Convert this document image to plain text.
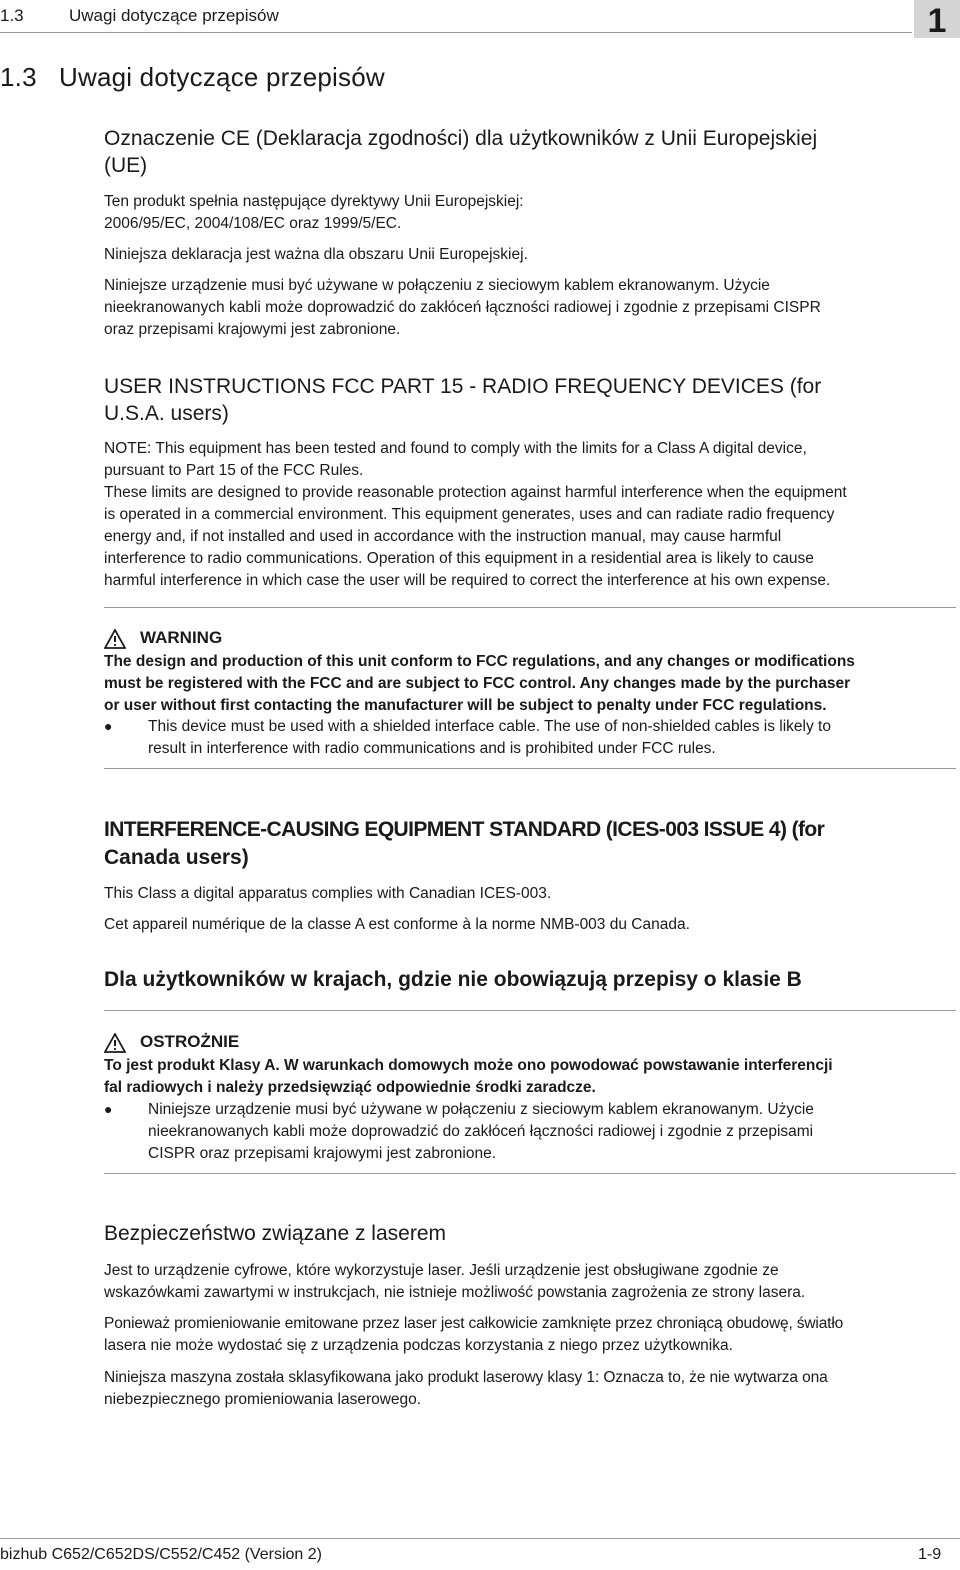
1.3	Uwagi dotyczące przepisów	1
1.3   Uwagi dotyczące przepisów
Oznaczenie CE (Deklaracja zgodności) dla użytkowników z Unii Europejskiej
(UE)
Ten produkt spełnia następujące dyrektywy Unii Europejskiej:
2006/95/EC, 2004/108/EC oraz 1999/5/EC.
Niniejsza deklaracja jest ważna dla obszaru Unii Europejskiej.
Niniejsze urządzenie musi być używane w połączeniu z sieciowym kablem ekranowanym. Użycie
nieekranowanych kabli może doprowadzić do zakłóceń łączności radiowej i zgodnie z przepisami CISPR
oraz przepisami krajowymi jest zabronione.
USER INSTRUCTIONS FCC PART 15 - RADIO FREQUENCY DEVICES (for
U.S.A. users)
NOTE: This equipment has been tested and found to comply with the limits for a Class A digital device,
pursuant to Part 15 of the FCC Rules.
These limits are designed to provide reasonable protection against harmful interference when the equipment
is operated in a commercial environment. This equipment generates, uses and can radiate radio frequency
energy and, if not installed and used in accordance with the instruction manual, may cause harmful
interference to radio communications. Operation of this equipment in a residential area is likely to cause
harmful interference in which case the user will be required to correct the interference at his own expense.
WARNING
The design and production of this unit conform to FCC regulations, and any changes or modifications
must be registered with the FCC and are subject to FCC control. Any changes made by the purchaser
or user without first contacting the manufacturer will be subject to penalty under FCC regulations.
● This device must be used with a shielded interface cable. The use of non-shielded cables is likely to
result in interference with radio communications and is prohibited under FCC rules.
INTERFERENCE-CAUSING EQUIPMENT STANDARD (ICES-003 ISSUE 4) (for
Canada users)
This Class a digital apparatus complies with Canadian ICES-003.
Cet appareil numérique de la classe A est conforme à la norme NMB-003 du Canada.
Dla użytkowników w krajach, gdzie nie obowiązują przepisy o klasie B
OSTROŻNIE
To jest produkt Klasy A. W warunkach domowych może ono powodować powstawanie interferencji
fal radiowych i należy przedsięwziąć odpowiednie środki zaradcze.
● Niniejsze urządzenie musi być używane w połączeniu z sieciowym kablem ekranowanym. Użycie
nieekranowanych kabli może doprowadzić do zakłóceń łączności radiowej i zgodnie z przepisami
CISPR oraz przepisami krajowymi jest zabronione.
Bezpieczeństwo związane z laserem
Jest to urządzenie cyfrowe, które wykorzystuje laser. Jeśli urządzenie jest obsługiwane zgodnie ze
wskazówkami zawartymi w instrukcjach, nie istnieje możliwość powstania zagrożenia ze strony lasera.
Ponieważ promieniowanie emitowane przez laser jest całkowicie zamknięte przez chroniącą obudowę, światło
lasera nie może wydostać się z urządzenia podczas korzystania z niego przez użytkownika.
Niniejsza maszyna została sklasyfikowana jako produkt laserowy klasy 1: Oznacza to, że nie wytwarza ona
niebezpiecznego promieniowania laserowego.
bizhub C652/C652DS/C552/C452 (Version 2)	1-9
